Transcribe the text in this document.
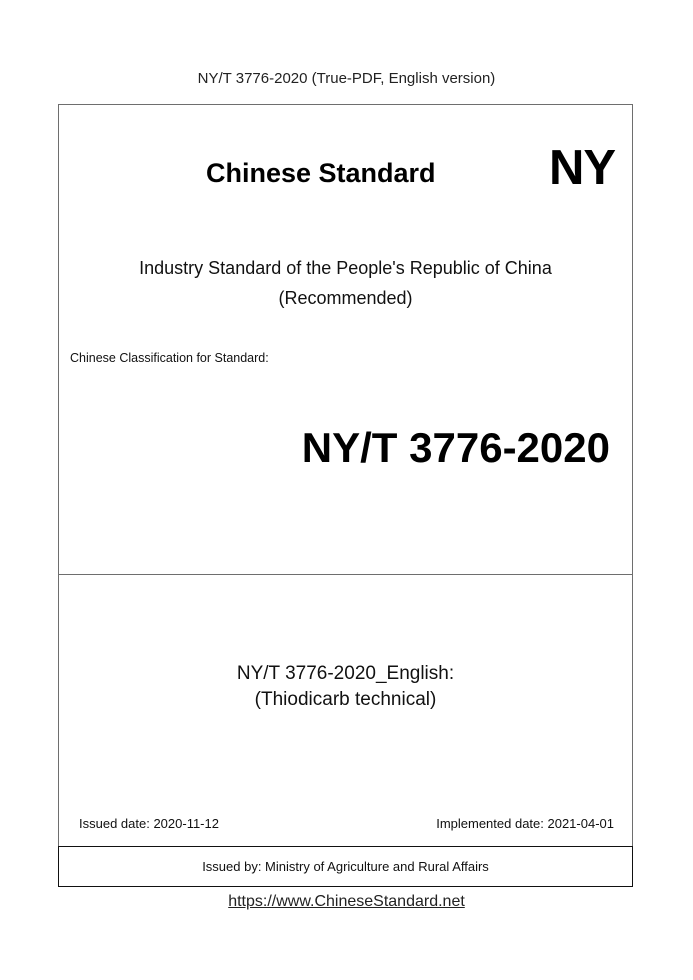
NY/T 3776-2020 (True-PDF, English version)
Chinese Standard NY
Industry Standard of the People's Republic of China
(Recommended)
Chinese Classification for Standard:
NY/T 3776-2020
NY/T 3776-2020_English:
(Thiodicarb technical)
Issued date: 2020-11-12	Implemented date: 2021-04-01
Issued by: Ministry of Agriculture and Rural Affairs
https://www.ChineseStandard.net
